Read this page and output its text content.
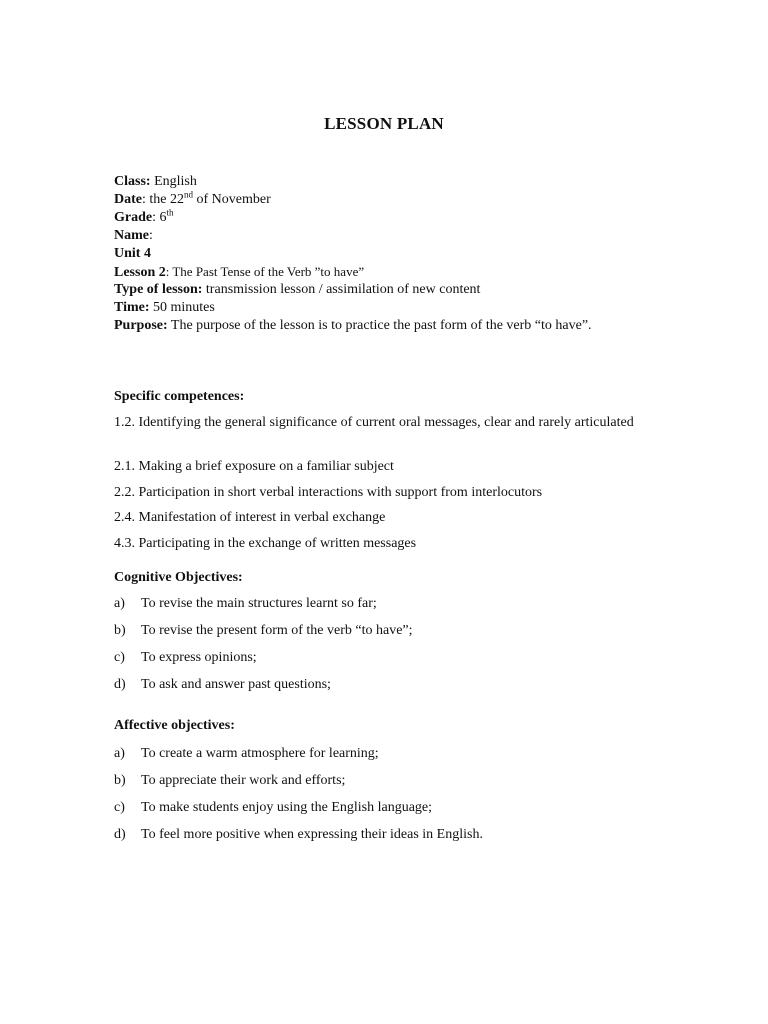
LESSON PLAN
Class: English
Date: the 22nd of November
Grade: 6th
Name:
Unit 4
Lesson 2: The Past Tense of the Verb ”to have”
Type of lesson: transmission lesson / assimilation of new content
Time: 50 minutes
Purpose: The purpose of the lesson is to practice the past form of the verb “to have”.
Specific competences:
1.2. Identifying the general significance of current oral messages, clear and rarely articulated
2.1. Making a brief exposure on a familiar subject
2.2. Participation in short verbal interactions with support from interlocutors
2.4. Manifestation of interest in verbal exchange
4.3. Participating in the exchange of written messages
Cognitive Objectives:
a) To revise the main structures learnt so far;
b) To revise the present form of the verb “to have”;
c) To express opinions;
d) To ask and answer past questions;
Affective objectives:
a) To create a warm atmosphere for learning;
b) To appreciate their work and efforts;
c) To make students enjoy using the English language;
d) To feel more positive when expressing their ideas in English.
